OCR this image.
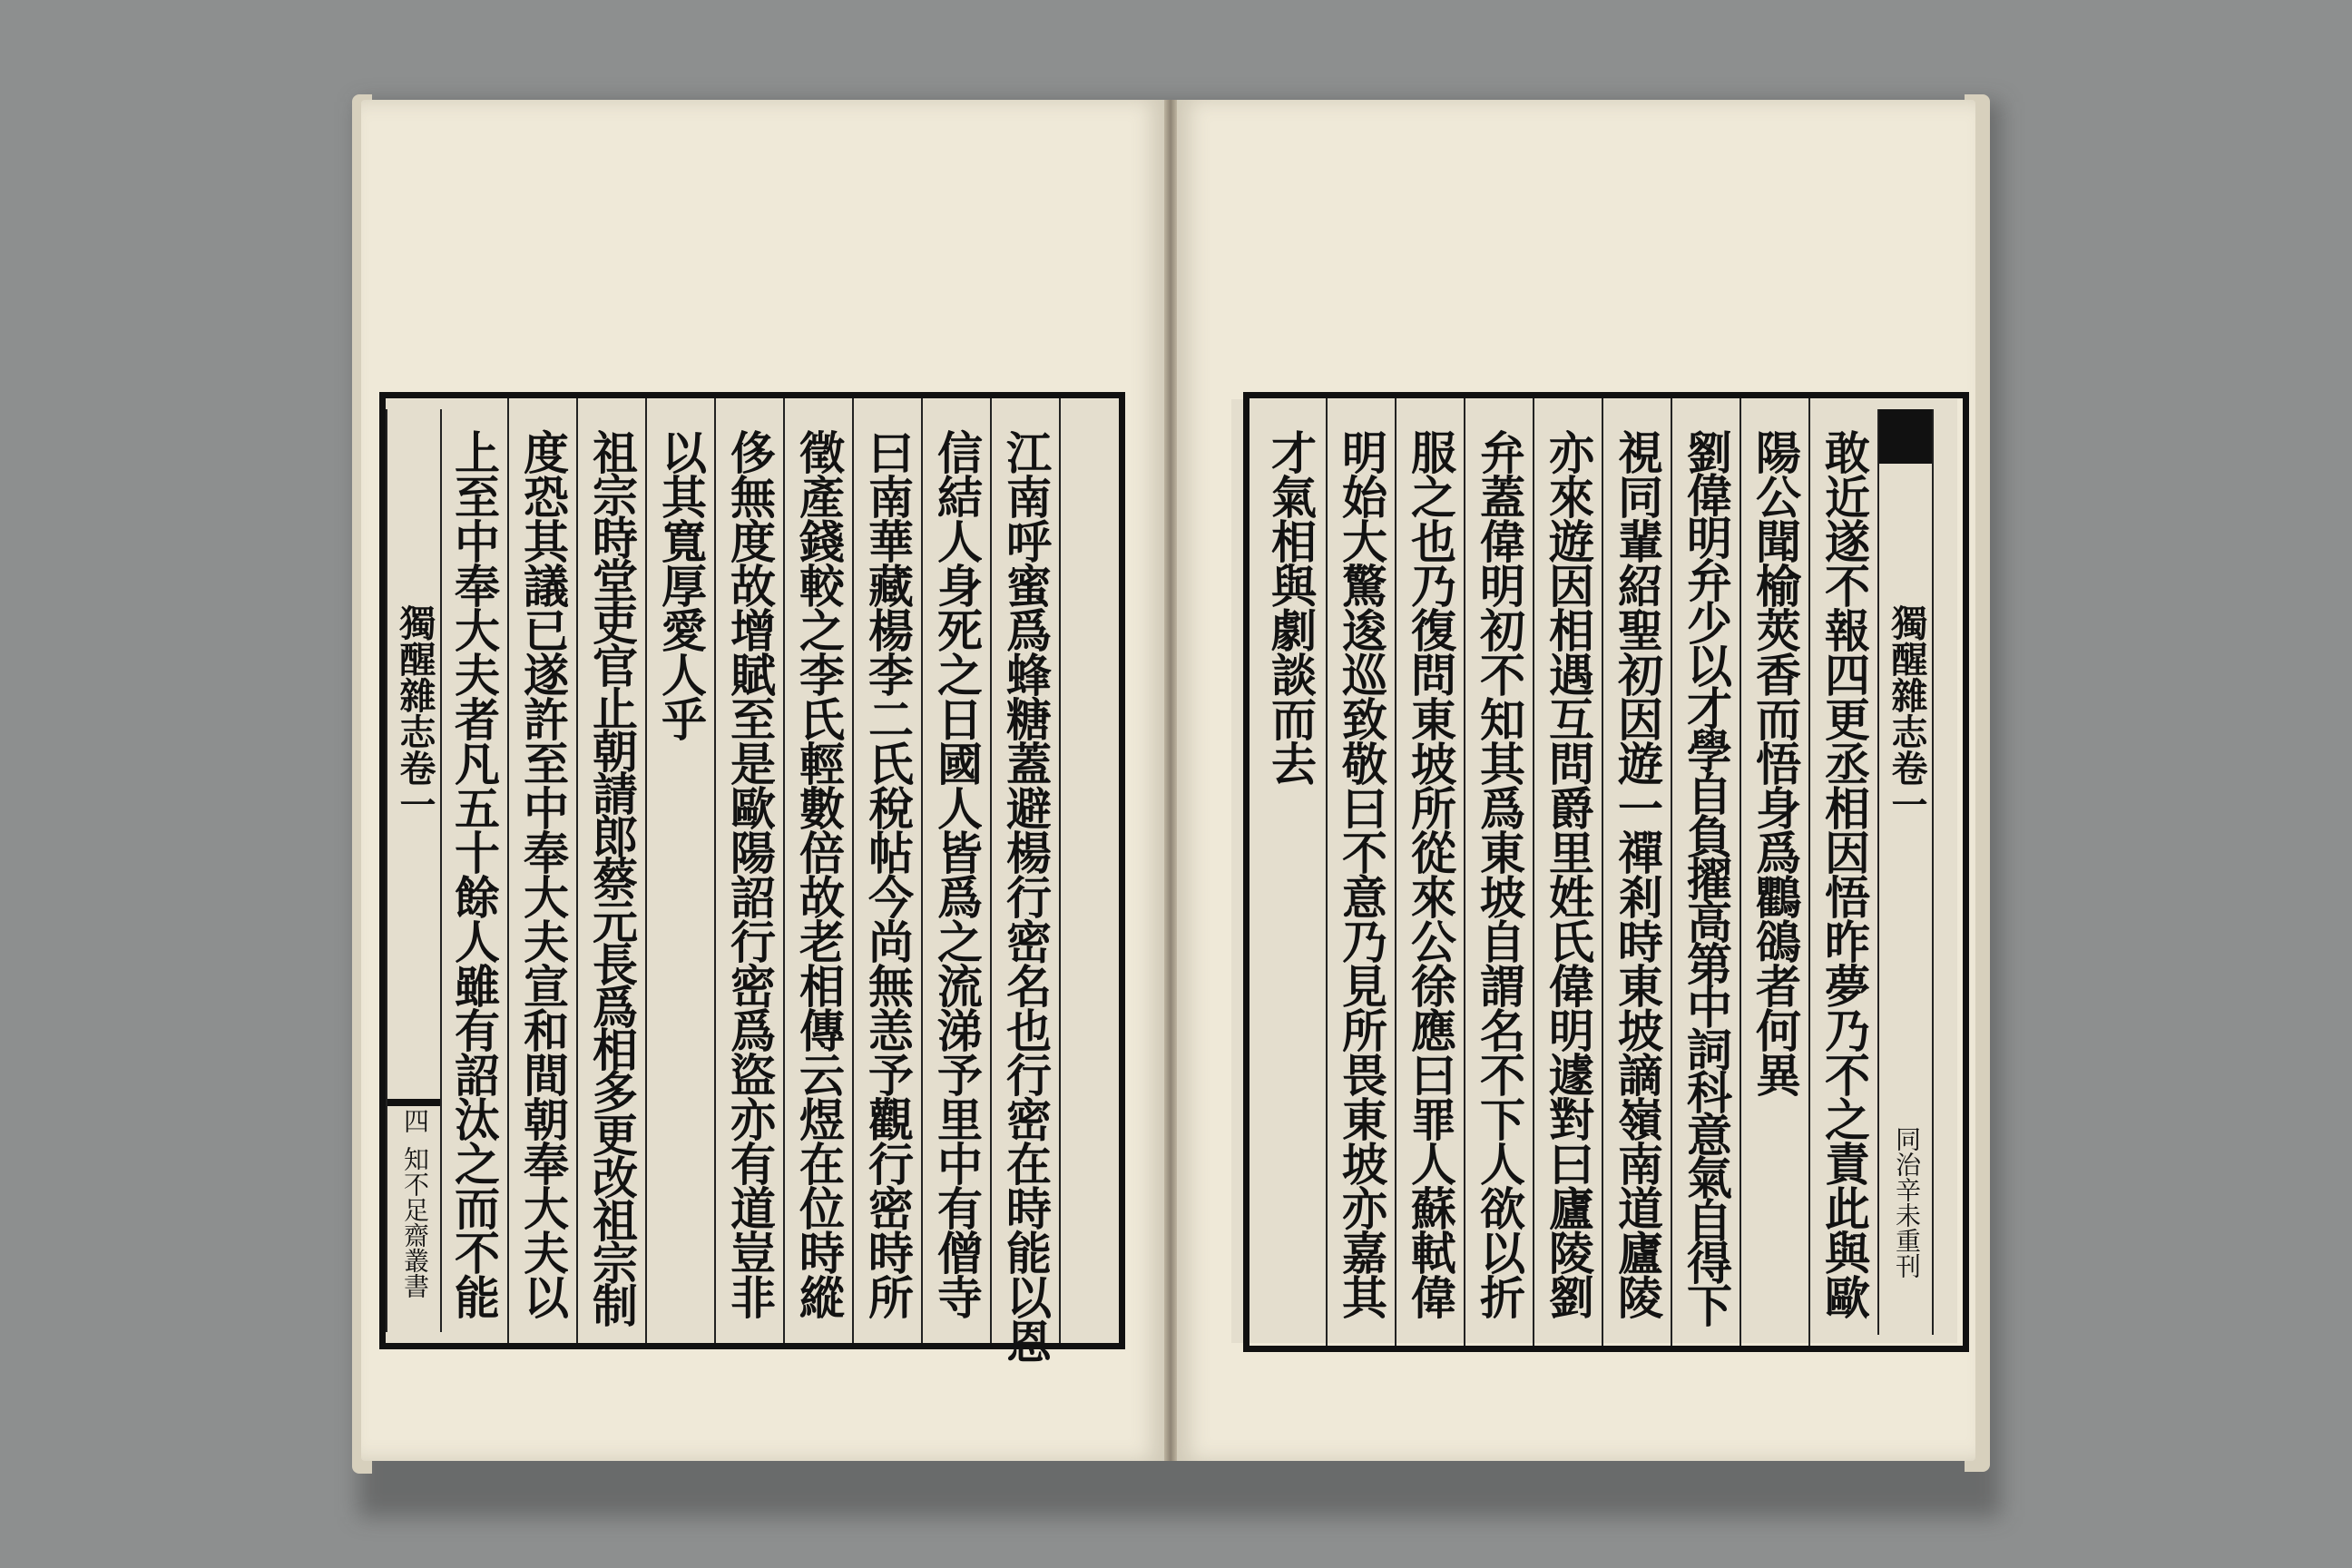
獨醒雜志卷一
四
知不足齋叢書 上至中奉大夫者凡五十餘人雖有詔汰之而不能 度恐其議已遂許至中奉大夫宣和間朝奉大夫以 祖宗時堂吏官止朝請郎蔡元長爲相多更改祖宗制 以其寬厚愛人乎 侈無度故增賦至是歐陽詔行密爲盜亦有道豈非 徵產錢較之李氏輕數倍故老相傳云煜在位時縱 曰南華藏楊李二氏稅帖今尚無恙予觀行密時所 信結人身死之日國人皆爲之流涕予里中有僧寺 江南呼蜜爲蜂糖蓋避楊行密名也行密在時能以恩	才氣相與劇談而去 明始大驚逡巡致敬曰不意乃見所畏東坡亦嘉其 服之也乃復問東坡所從來公徐應曰罪人蘇軾偉 弁蓋偉明初不知其爲東坡自謂名不下人欲以折 亦來遊因相遇互問爵里姓氏偉明遽對曰廬陵劉 視同輩紹聖初因遊一禪剎時東坡謫嶺南道廬陵 劉偉明弁少以才學自負擢高第中詞科意氣自得下 陽公聞榆莢香而悟身爲鸜鵒者何異 敢近遂不報四更丞相因悟昨夢乃不之責此與歐 獨醒雜志卷一
同治辛未重刊
